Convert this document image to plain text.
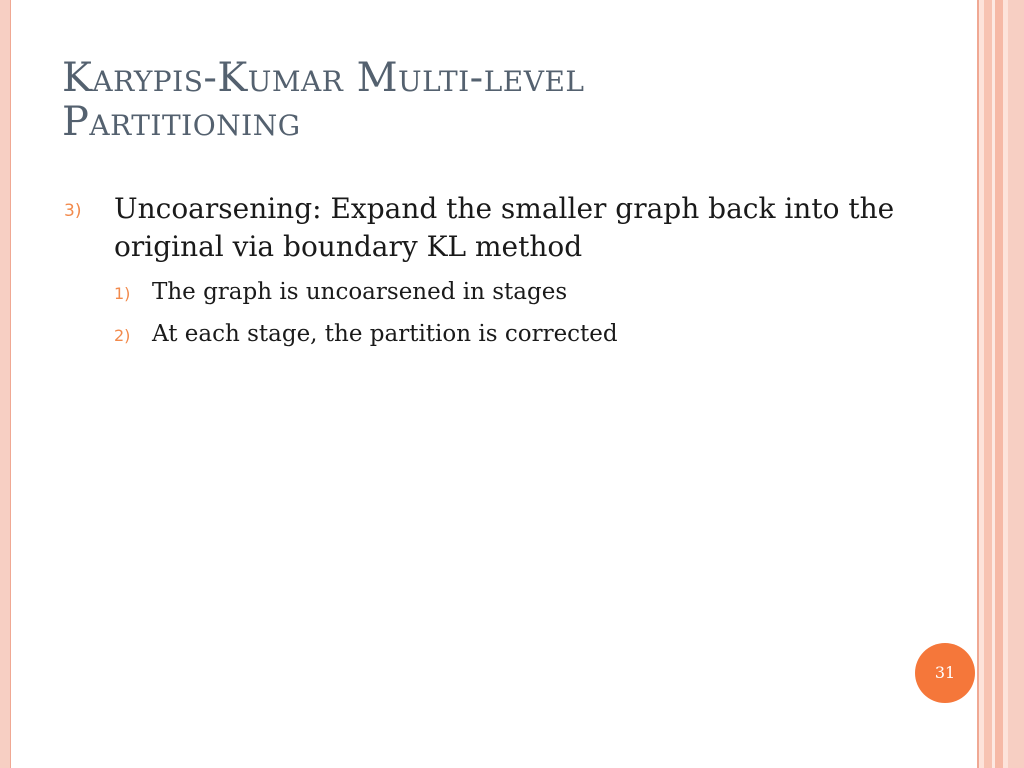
Karypis-Kumar Multi-level
Partitioning
3) Uncoarsening: Expand the smaller graph back into the original via boundary KL method
1) The graph is uncoarsened in stages
2) At each stage, the partition is corrected
31
